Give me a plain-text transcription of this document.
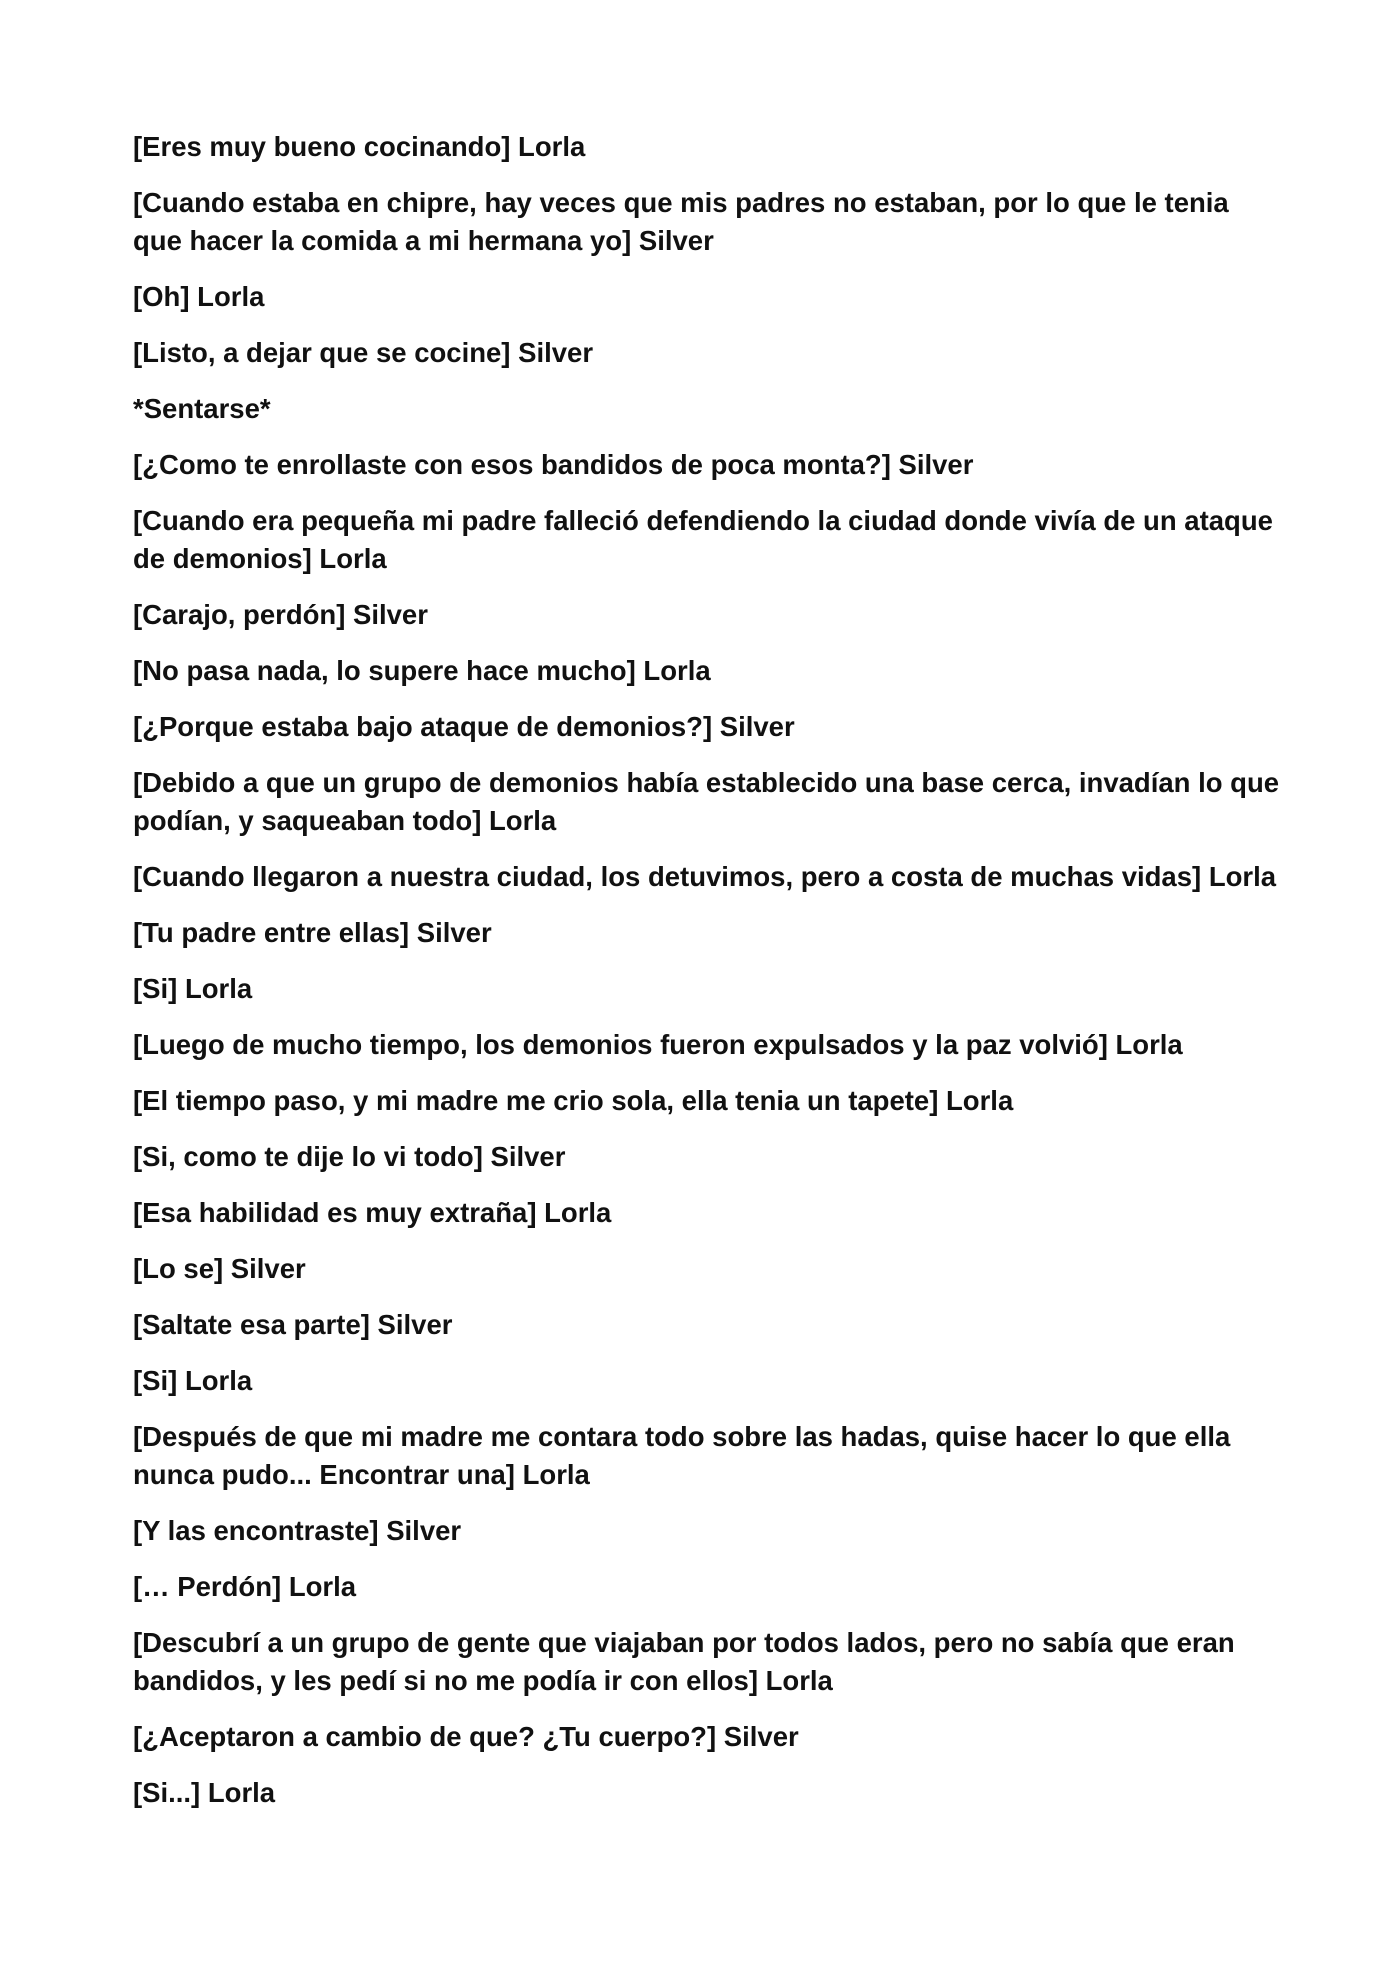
[Eres muy bueno cocinando] Lorla

[Cuando estaba en chipre, hay veces que mis padres no estaban, por lo que le tenia que hacer la comida a mi hermana yo] Silver

[Oh] Lorla

[Listo, a dejar que se cocine] Silver

*Sentarse*

[¿Como te enrollaste con esos bandidos de poca monta?] Silver

[Cuando era pequeña mi padre falleció defendiendo la ciudad donde vivía de un ataque de demonios] Lorla

[Carajo, perdón] Silver

[No pasa nada, lo supere hace mucho] Lorla

[¿Porque estaba bajo ataque de demonios?] Silver

[Debido a que un grupo de demonios había establecido una base cerca, invadían lo que podían, y saqueaban todo] Lorla

[Cuando llegaron a nuestra ciudad, los detuvimos, pero a costa de muchas vidas] Lorla

[Tu padre entre ellas] Silver

[Si] Lorla

[Luego de mucho tiempo, los demonios fueron expulsados y la paz volvió] Lorla

[El tiempo paso, y mi madre me crio sola, ella tenia un tapete] Lorla

[Si, como te dije lo vi todo] Silver

[Esa habilidad es muy extraña] Lorla

[Lo se] Silver

[Saltate esa parte] Silver

[Si] Lorla

[Después de que mi madre me contara todo sobre las hadas, quise hacer lo que ella nunca pudo... Encontrar una] Lorla

[Y las encontraste] Silver

[… Perdón] Lorla

[Descubrí a un grupo de gente que viajaban por todos lados, pero no sabía que eran bandidos, y les pedí si no me podía ir con ellos] Lorla

[¿Aceptaron a cambio de que? ¿Tu cuerpo?] Silver

[Si...] Lorla
